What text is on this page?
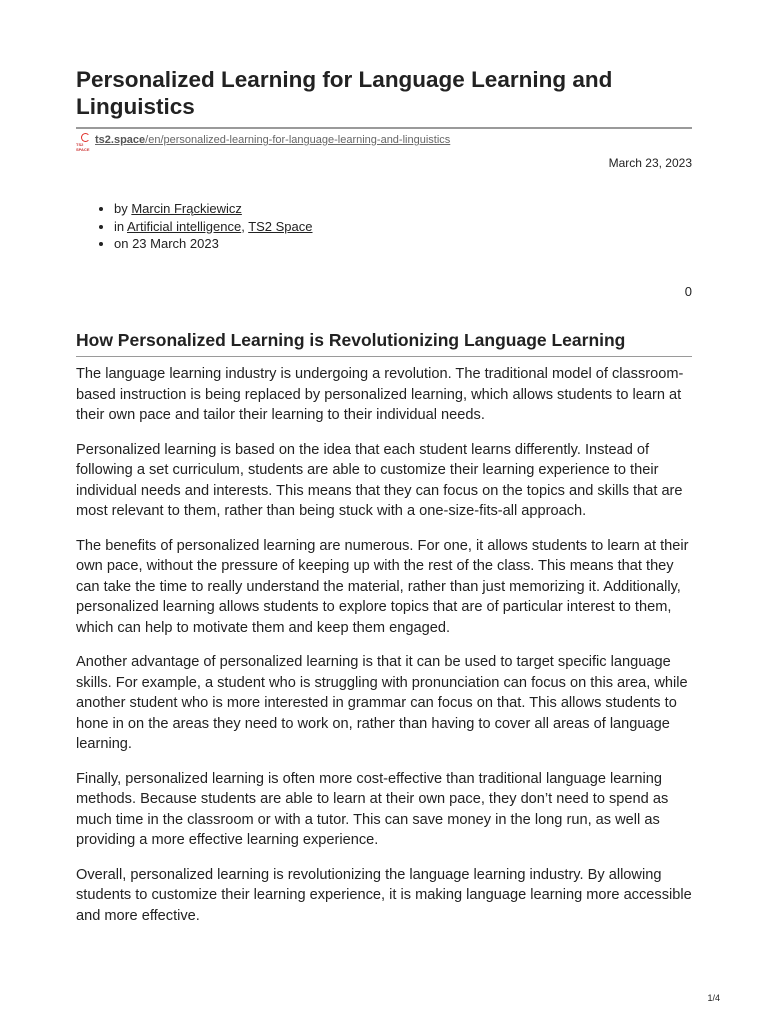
Personalized Learning for Language Learning and Linguistics
TS2 SPACE
ts2.space/en/personalized-learning-for-language-learning-and-linguistics
March 23, 2023
• by Marcin Frąckiewicz
• in Artificial intelligence, TS2 Space
• on 23 March 2023
0
How Personalized Learning is Revolutionizing Language Learning

The language learning industry is undergoing a revolution. The traditional model of classroom-based instruction is being replaced by personalized learning, which allows students to learn at their own pace and tailor their learning to their individual needs.

Personalized learning is based on the idea that each student learns differently. Instead of following a set curriculum, students are able to customize their learning experience to their individual needs and interests. This means that they can focus on the topics and skills that are most relevant to them, rather than being stuck with a one-size-fits-all approach.

The benefits of personalized learning are numerous. For one, it allows students to learn at their own pace, without the pressure of keeping up with the rest of the class. This means that they can take the time to really understand the material, rather than just memorizing it. Additionally, personalized learning allows students to explore topics that are of particular interest to them, which can help to motivate them and keep them engaged.

Another advantage of personalized learning is that it can be used to target specific language skills. For example, a student who is struggling with pronunciation can focus on this area, while another student who is more interested in grammar can focus on that. This allows students to hone in on the areas they need to work on, rather than having to cover all areas of language learning.

Finally, personalized learning is often more cost-effective than traditional language learning methods. Because students are able to learn at their own pace, they don’t need to spend as much time in the classroom or with a tutor. This can save money in the long run, as well as providing a more effective learning experience.

Overall, personalized learning is revolutionizing the language learning industry. By allowing students to customize their learning experience, it is making language learning more accessible and more effective.

1/4
